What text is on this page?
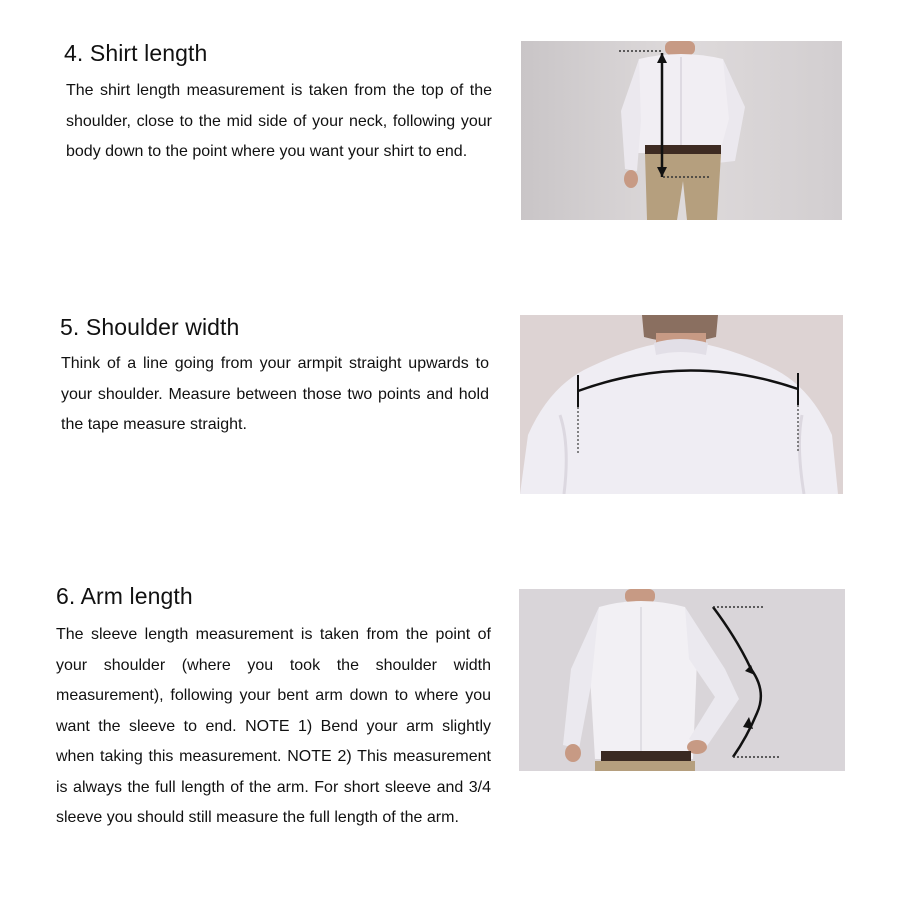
4. Shirt length

The shirt length measurement is taken from the top of the shoulder, close to the mid side of your neck, following your body down to the point where you want your shirt to end.

5. Shoulder width

Think of a line going from your armpit straight upwards to your shoulder. Measure between those two points and hold the tape measure straight.

6. Arm length

The sleeve length measurement is taken from the point of your shoulder (where you took the shoulder width measurement), following your bent arm down to where you want the sleeve to end. NOTE 1) Bend your arm slightly when taking this measurement. NOTE 2) This measurement is always the full length of the arm. For short sleeve and 3/4 sleeve you should still measure the full length of the arm.
